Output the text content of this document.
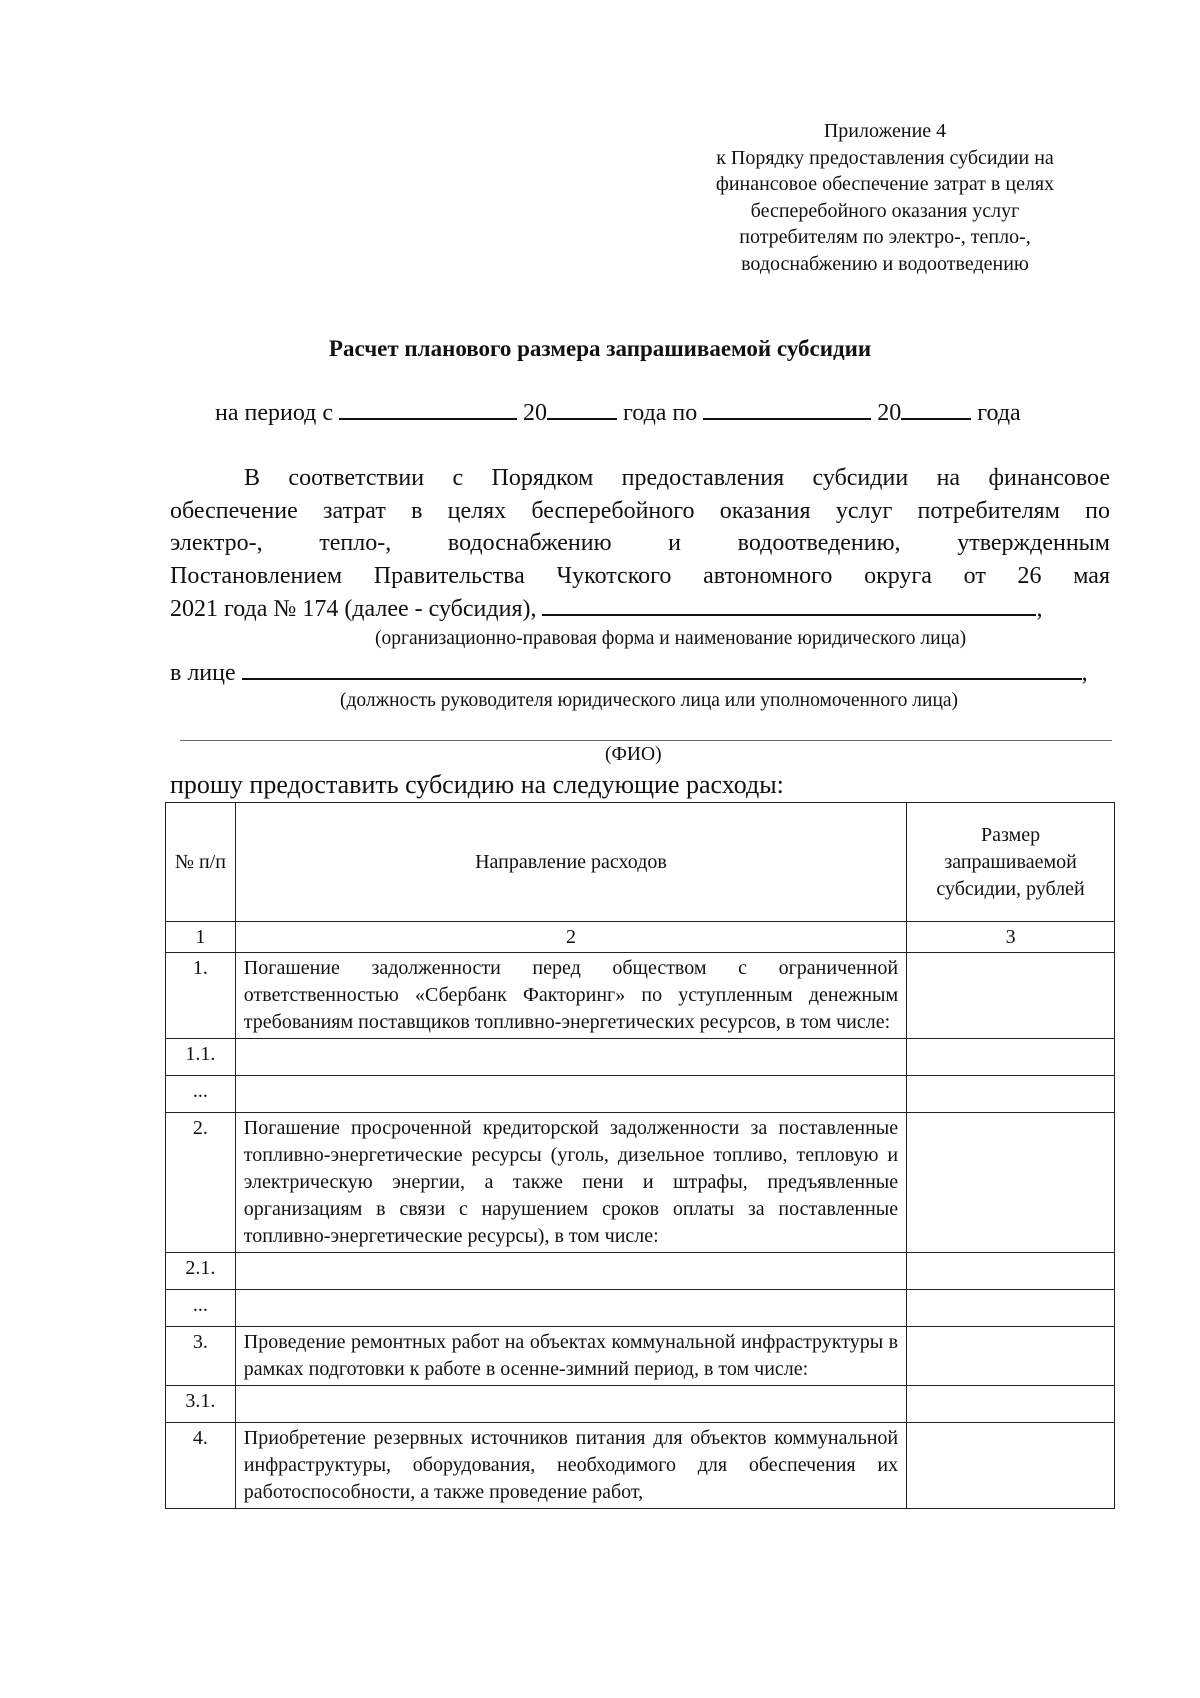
Приложение 4
к Порядку предоставления субсидии на
финансовое обеспечение затрат в целях
бесперебойного оказания услуг
потребителям по электро-, тепло-,
водоснабжению и водоотведению
Расчет планового размера запрашиваемой субсидии
на период с	20	года по	20	года
В соответствии с Порядком предоставления субсидии на финансовое
обеспечение затрат в целях бесперебойного оказания услуг потребителям по
электро-, тепло-, водоснабжению и водоотведению, утвержденным
Постановлением Правительства Чукотского автономного округа от 26 мая
2021 года № 174 (далее - субсидия),	,
(организационно-правовая форма и наименование юридического лица)
в лице	,
(должность руководителя юридического лица или уполномоченного лица)
(ФИО)
прошу предоставить субсидию на следующие расходы:
№ п/п	Направление расходов	Размер запрашиваемой субсидии, рублей
1	2	3
1.	Погашение задолженности перед обществом с ограниченной ответственностью «Сбербанк Факторинг» по уступленным денежным требованиям поставщиков топливно-энергетических ресурсов, в том числе:	
1.1.		
...		
2.	Погашение просроченной кредиторской задолженности за поставленные топливно-энергетические ресурсы (уголь, дизельное топливо, тепловую и электрическую энергии, а также пени и штрафы, предъявленные организациям в связи с нарушением сроков оплаты за поставленные топливно-энергетические ресурсы), в том числе:	
2.1.		
...		
3.	Проведение ремонтных работ на объектах коммунальной инфраструктуры в рамках подготовки к работе в осенне-зимний период, в том числе:	
3.1.		
4.	Приобретение резервных источников питания для объектов коммунальной инфраструктуры, оборудования, необходимого для обеспечения их работоспособности, а также проведение работ,	
